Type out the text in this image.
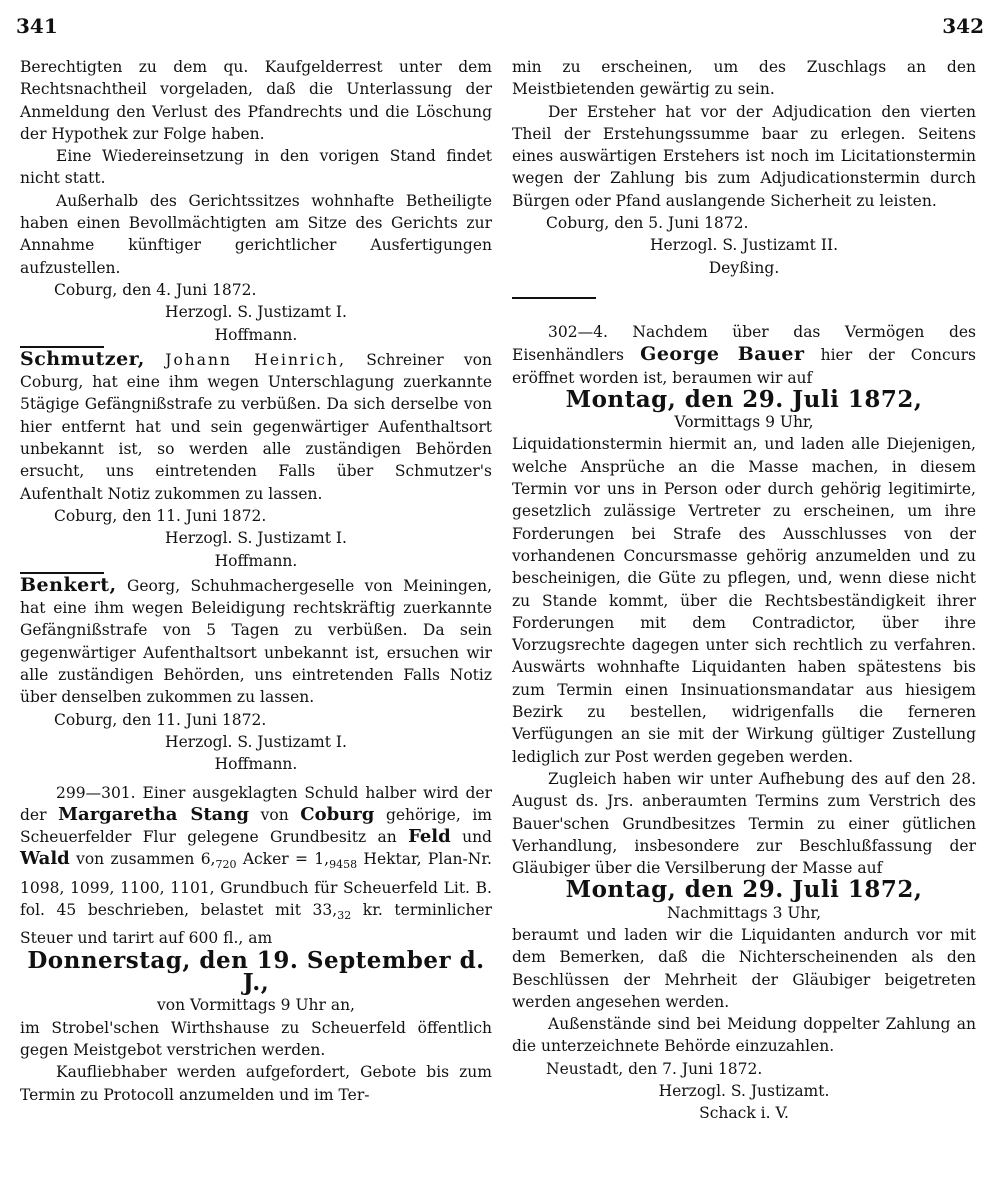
341	342

Berechtigten zu dem qu. Kaufgelderrest unter dem Rechtsnachtheil vorgeladen, daß die Unterlassung der Anmeldung den Verlust des Pfandrechts und die Löschung der Hypothek zur Folge haben.

Eine Wiedereinsetzung in den vorigen Stand findet nicht statt.

Außerhalb des Gerichtssitzes wohnhafte Betheiligte haben einen Bevollmächtigten am Sitze des Gerichts zur Annahme künftiger gerichtlicher Ausfertigungen aufzustellen.

Coburg, den 4. Juni 1872.
Herzogl. S. Justizamt I.
Hoffmann.

Schmutzer, Johann Heinrich, Schreiner von Coburg, hat eine ihm wegen Unterschlagung zuerkannte 5tägige Gefängnißstrafe zu verbüßen. Da sich derselbe von hier entfernt hat und sein gegenwärtiger Aufenthaltsort unbekannt ist, so werden alle zuständigen Behörden ersucht, uns eintretenden Falls über Schmutzer's Aufenthalt Notiz zukommen zu lassen.

Coburg, den 11. Juni 1872.
Herzogl. S. Justizamt I.
Hoffmann.

Benkert, Georg, Schuhmachergeselle von Meiningen, hat eine ihm wegen Beleidigung rechtskräftig zuerkannte Gefängnißstrafe von 5 Tagen zu verbüßen. Da sein gegenwärtiger Aufenthaltsort unbekannt ist, ersuchen wir alle zuständigen Behörden, uns eintretenden Falls Notiz über denselben zukommen zu lassen.

Coburg, den 11. Juni 1872.
Herzogl. S. Justizamt I.
Hoffmann.

299—301. Einer ausgeklagten Schuld halber wird der der Margaretha Stang von Coburg gehörige, im Scheuerfelder Flur gelegene Grundbesitz an Feld und Wald von zusammen $6,_{720}$ Acker = $1,_{9458}$ Hektar, Plan-Nr. 1098, 1099, 1100, 1101, Grundbuch für Scheuerfeld Lit. B. fol. 45 beschrieben, belastet mit $33,_{32}$ kr. terminlicher Steuer und tarirt auf 600 fl., am

Donnerstag, den 19. September d. J.,
von Vormittags 9 Uhr an,

im Strobel'schen Wirthshause zu Scheuerfeld öffentlich gegen Meistgebot verstrichen werden.

Kaufliebhaber werden aufgefordert, Gebote bis zum Termin zu Protocoll anzumelden und im Ter-

min zu erscheinen, um des Zuschlags an den Meistbietenden gewärtig zu sein.

Der Ersteher hat vor der Adjudication den vierten Theil der Erstehungssumme baar zu erlegen. Seitens eines auswärtigen Erstehers ist noch im Licitationstermin wegen der Zahlung bis zum Adjudicationstermin durch Bürgen oder Pfand auslangende Sicherheit zu leisten.

Coburg, den 5. Juni 1872.
Herzogl. S. Justizamt II.
Deyßing.

302—4. Nachdem über das Vermögen des Eisenhändlers George Bauer hier der Concurs eröffnet worden ist, beraumen wir auf

Montag, den 29. Juli 1872,
Vormittags 9 Uhr,

Liquidationstermin hiermit an, und laden alle Diejenigen, welche Ansprüche an die Masse machen, in diesem Termin vor uns in Person oder durch gehörig legitimirte, gesetzlich zulässige Vertreter zu erscheinen, um ihre Forderungen bei Strafe des Ausschlusses von der vorhandenen Concursmasse gehörig anzumelden und zu bescheinigen, die Güte zu pflegen, und, wenn diese nicht zu Stande kommt, über die Rechtsbeständigkeit ihrer Forderungen mit dem Contradictor, über ihre Vorzugsrechte dagegen unter sich rechtlich zu verfahren. Auswärts wohnhafte Liquidanten haben spätestens bis zum Termin einen Insinuationsmandatar aus hiesigem Bezirk zu bestellen, widrigenfalls die ferneren Verfügungen an sie mit der Wirkung gültiger Zustellung lediglich zur Post werden gegeben werden.

Zugleich haben wir unter Aufhebung des auf den 28. August ds. Jrs. anberaumten Termins zum Verstrich des Bauer'schen Grundbesitzes Termin zu einer gütlichen Verhandlung, insbesondere zur Beschlußfassung der Gläubiger über die Versilberung der Masse auf

Montag, den 29. Juli 1872,
Nachmittags 3 Uhr,

beraumt und laden wir die Liquidanten andurch vor mit dem Bemerken, daß die Nichterscheinenden als den Beschlüssen der Mehrheit der Gläubiger beigetreten werden angesehen werden.

Außenstände sind bei Meidung doppelter Zahlung an die unterzeichnete Behörde einzuzahlen.

Neustadt, den 7. Juni 1872.
Herzogl. S. Justizamt.
Schack i. V.
